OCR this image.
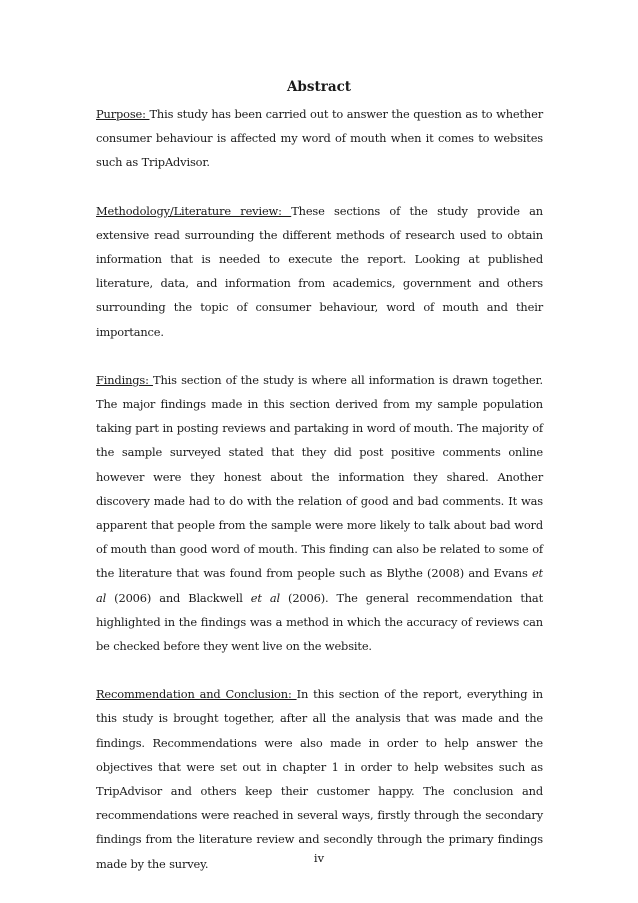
Abstract

Purpose: This study has been carried out to answer the question as to whether consumer behaviour is affected my word of mouth when it comes to websites such as TripAdvisor.

Methodology/Literature review: These sections of the study provide an extensive read surrounding the different methods of research used to obtain information that is needed to execute the report. Looking at published literature, data, and information from academics, government and others surrounding the topic of consumer behaviour, word of mouth and their importance.

Findings: This section of the study is where all information is drawn together. The major findings made in this section derived from my sample population taking part in posting reviews and partaking in word of mouth. The majority of the sample surveyed stated that they did post positive comments online however were they honest about the information they shared. Another discovery made had to do with the relation of good and bad comments. It was apparent that people from the sample were more likely to talk about bad word of mouth than good word of mouth. This finding can also be related to some of the literature that was found from people such as Blythe (2008) and Evans et al (2006) and Blackwell et al (2006). The general recommendation that highlighted in the findings was a method in which the accuracy of reviews can be checked before they went live on the website.

Recommendation and Conclusion: In this section of the report, everything in this study is brought together, after all the analysis that was made and the findings. Recommendations were also made in order to help answer the objectives that were set out in chapter 1 in order to help websites such as TripAdvisor and others keep their customer happy. The conclusion and recommendations were reached in several ways, firstly through the secondary findings from the literature review and secondly through the primary findings made by the survey.	iv
